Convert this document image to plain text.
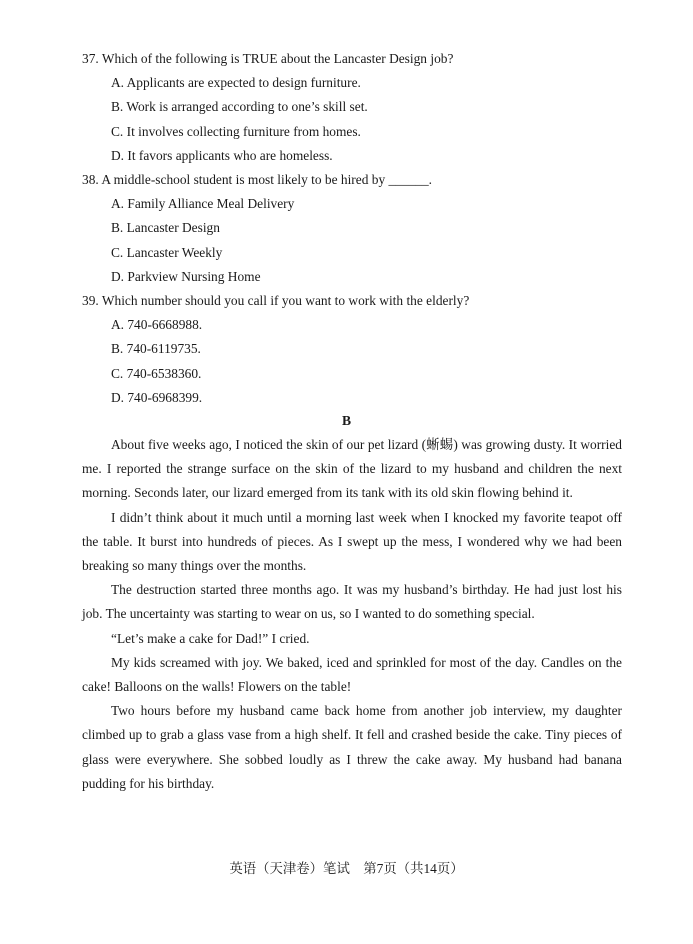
37. Which of the following is TRUE about the Lancaster Design job?
A. Applicants are expected to design furniture.
B. Work is arranged according to one’s skill set.
C. It involves collecting furniture from homes.
D. It favors applicants who are homeless.
38. A middle-school student is most likely to be hired by ______.
A. Family Alliance Meal Delivery
B. Lancaster Design
C. Lancaster Weekly
D. Parkview Nursing Home
39. Which number should you call if you want to work with the elderly?
A. 740-6668988.
B. 740-6119735.
C. 740-6538360.
D. 740-6968399.
B

About five weeks ago, I noticed the skin of our pet lizard (蜥蜴) was growing dusty. It worried me. I reported the strange surface on the skin of the lizard to my husband and children the next morning. Seconds later, our lizard emerged from its tank with its old skin flowing behind it.

I didn’t think about it much until a morning last week when I knocked my favorite teapot off the table. It burst into hundreds of pieces. As I swept up the mess, I wondered why we had been breaking so many things over the months.

The destruction started three months ago. It was my husband’s birthday. He had just lost his job. The uncertainty was starting to wear on us, so I wanted to do something special.

“Let’s make a cake for Dad!” I cried.

My kids screamed with joy. We baked, iced and sprinkled for most of the day. Candles on the cake! Balloons on the walls! Flowers on the table!

Two hours before my husband came back home from another job interview, my daughter climbed up to grab a glass vase from a high shelf. It fell and crashed beside the cake. Tiny pieces of glass were everywhere. She sobbed loudly as I threw the cake away. My husband had banana pudding for his birthday.

英语（天津卷）笔试　第7页（共14页）
